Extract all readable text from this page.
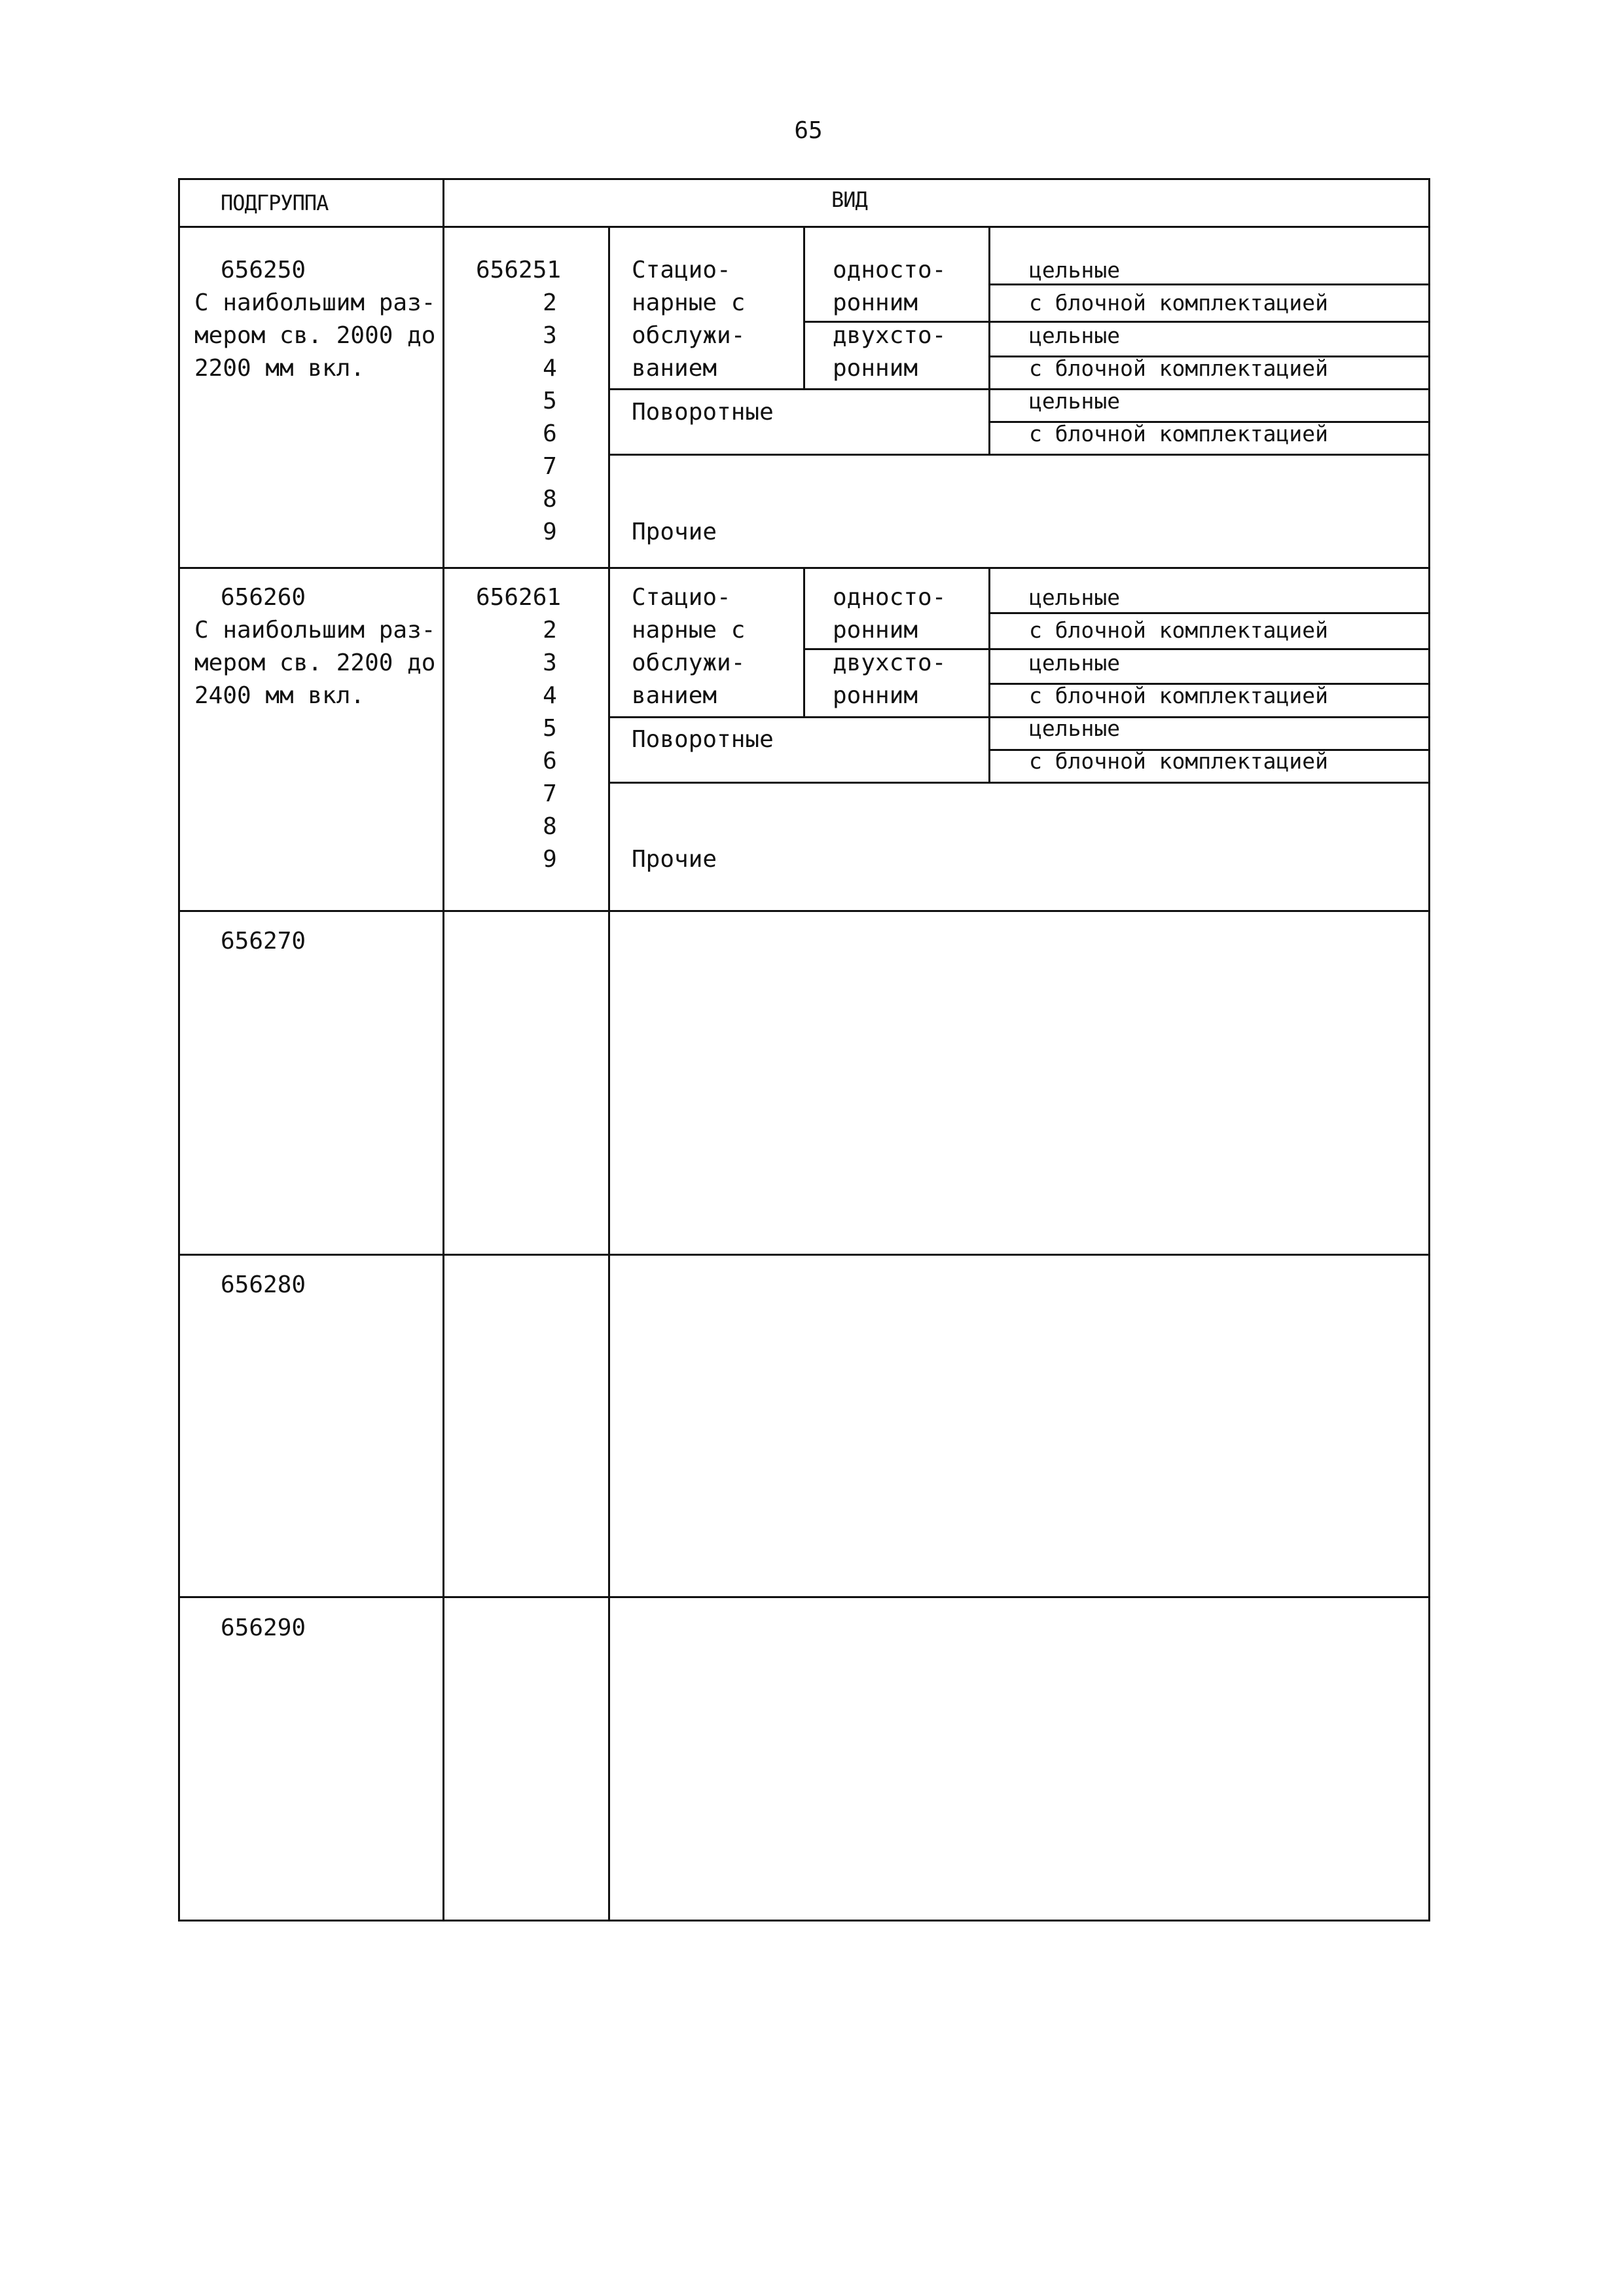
65
ПОДГРУППА	ВИД
656250
С наибольшим раз-
мером св. 2000 до
2200 мм вкл.
656251
2
3
4
5
6
7
8
9
Стацио-
нарные с
обслужи-
ванием
односто-
ронним
двухсто-
ронним
Поворотные
цельные
с блочной комплектацией
цельные
с блочной комплектацией
цельные
с блочной комплектацией
Прочие
656260
С наибольшим раз-
мером св. 2200 до
2400 мм вкл.
656261
2
3
4
5
6
7
8
9
Стацио-
нарные с
обслужи-
ванием
односто-
ронним
двухсто-
ронним
Поворотные
цельные
с блочной комплектацией
цельные
с блочной комплектацией
цельные
с блочной комплектацией
Прочие
656270
656280
656290
